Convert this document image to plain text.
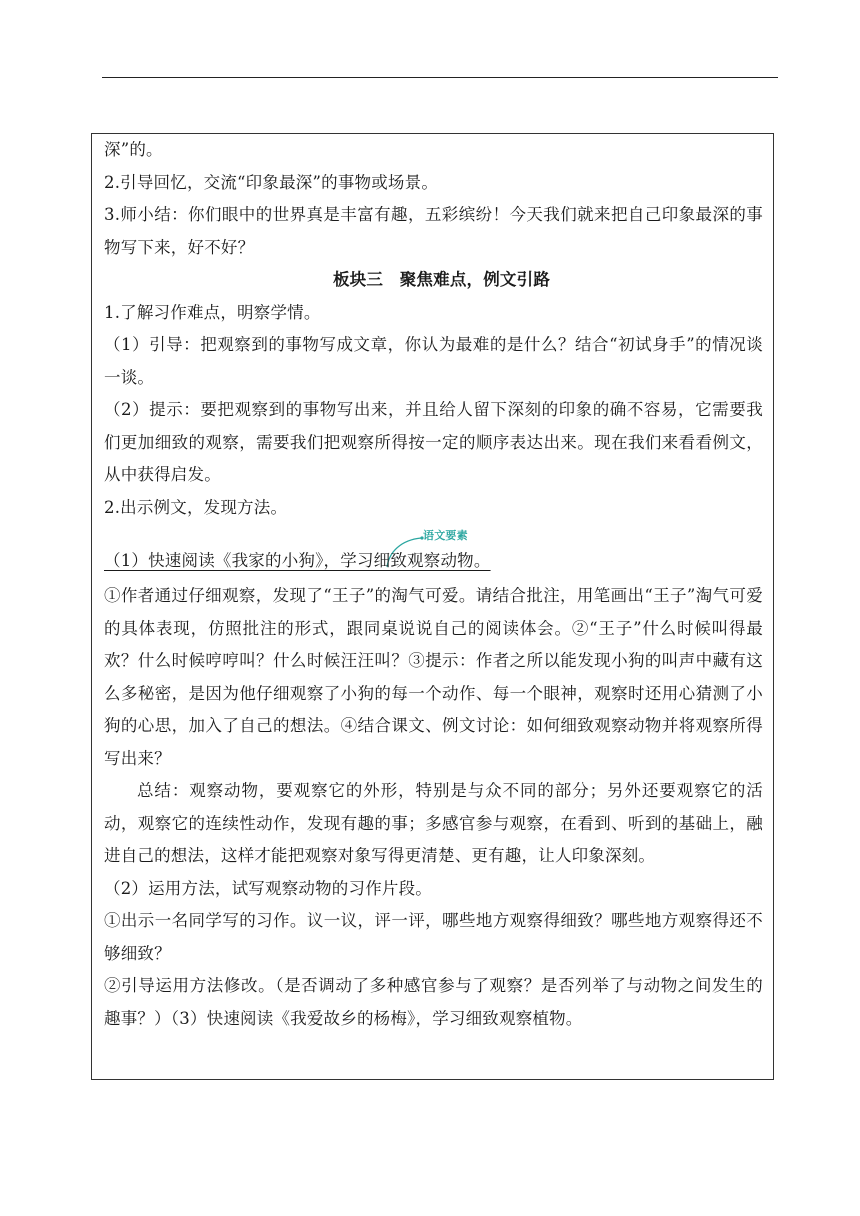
深”的。

2.引导回忆，交流“印象最深”的事物或场景。

3.师小结：你们眼中的世界真是丰富有趣，五彩缤纷！今天我们就来把自己印象最深的事物写下来，好不好？

板块三　聚焦难点，例文引路

1.了解习作难点，明察学情。

（1）引导：把观察到的事物写成文章，你认为最难的是什么？结合“初试身手”的情况谈一谈。

（2）提示：要把观察到的事物写出来，并且给人留下深刻的印象的确不容易，它需要我们更加细致的观察，需要我们把观察所得按一定的顺序表达出来。现在我们来看看例文，从中获得启发。

2.出示例文，发现方法。

语文要素

（1）快速阅读《我家的小狗》，学习细致观察动物。

①作者通过仔细观察，发现了“王子”的淘气可爱。请结合批注，用笔画出“王子”淘气可爱的具体表现，仿照批注的形式，跟同桌说说自己的阅读体会。②“王子”什么时候叫得最欢？什么时候哼哼叫？什么时候汪汪叫？③提示：作者之所以能发现小狗的叫声中藏有这么多秘密，是因为他仔细观察了小狗的每一个动作、每一个眼神，观察时还用心猜测了小狗的心思，加入了自己的想法。④结合课文、例文讨论：如何细致观察动物并将观察所得写出来？

总结：观察动物，要观察它的外形，特别是与众不同的部分；另外还要观察它的活动，观察它的连续性动作，发现有趣的事；多感官参与观察，在看到、听到的基础上，融进自己的想法，这样才能把观察对象写得更清楚、更有趣，让人印象深刻。

（2）运用方法，试写观察动物的习作片段。

①出示一名同学写的习作。议一议，评一评，哪些地方观察得细致？哪些地方观察得还不够细致？

②引导运用方法修改。（是否调动了多种感官参与了观察？是否列举了与动物之间发生的趣事？）（3）快速阅读《我爱故乡的杨梅》，学习细致观察植物。
